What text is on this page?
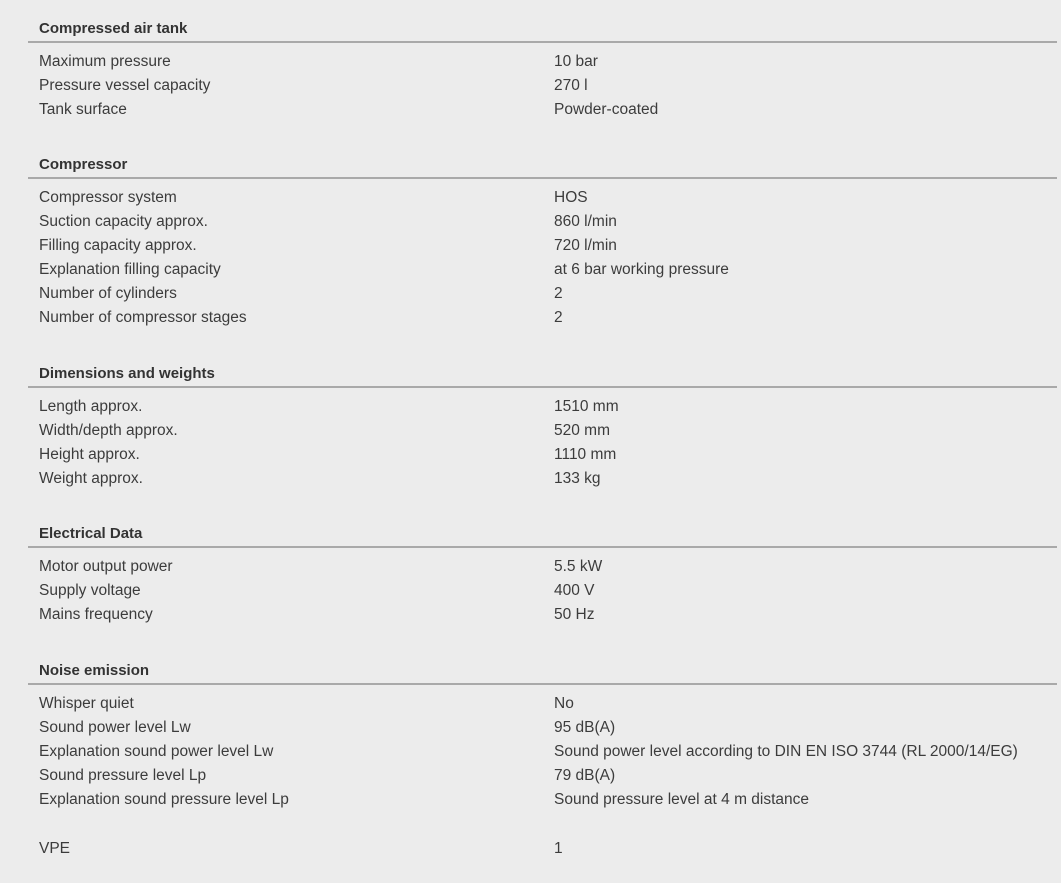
Compressed air tank
Maximum pressure	10 bar
Pressure vessel capacity	270 l
Tank surface	Powder-coated
Compressor
Compressor system	HOS
Suction capacity approx.	860 l/min
Filling capacity approx.	720 l/min
Explanation filling capacity	at 6 bar working pressure
Number of cylinders	2
Number of compressor stages	2
Dimensions and weights
Length approx.	1510 mm
Width/depth approx.	520 mm
Height approx.	1110 mm
Weight approx.	133 kg
Electrical Data
Motor output power	5.5 kW
Supply voltage	400 V
Mains frequency	50 Hz
Noise emission
Whisper quiet	No
Sound power level Lw	95 dB(A)
Explanation sound power level Lw	Sound power level according to DIN EN ISO 3744 (RL 2000/14/EG)
Sound pressure level Lp	79 dB(A)
Explanation sound pressure level Lp	Sound pressure level at 4 m distance
VPE	1
